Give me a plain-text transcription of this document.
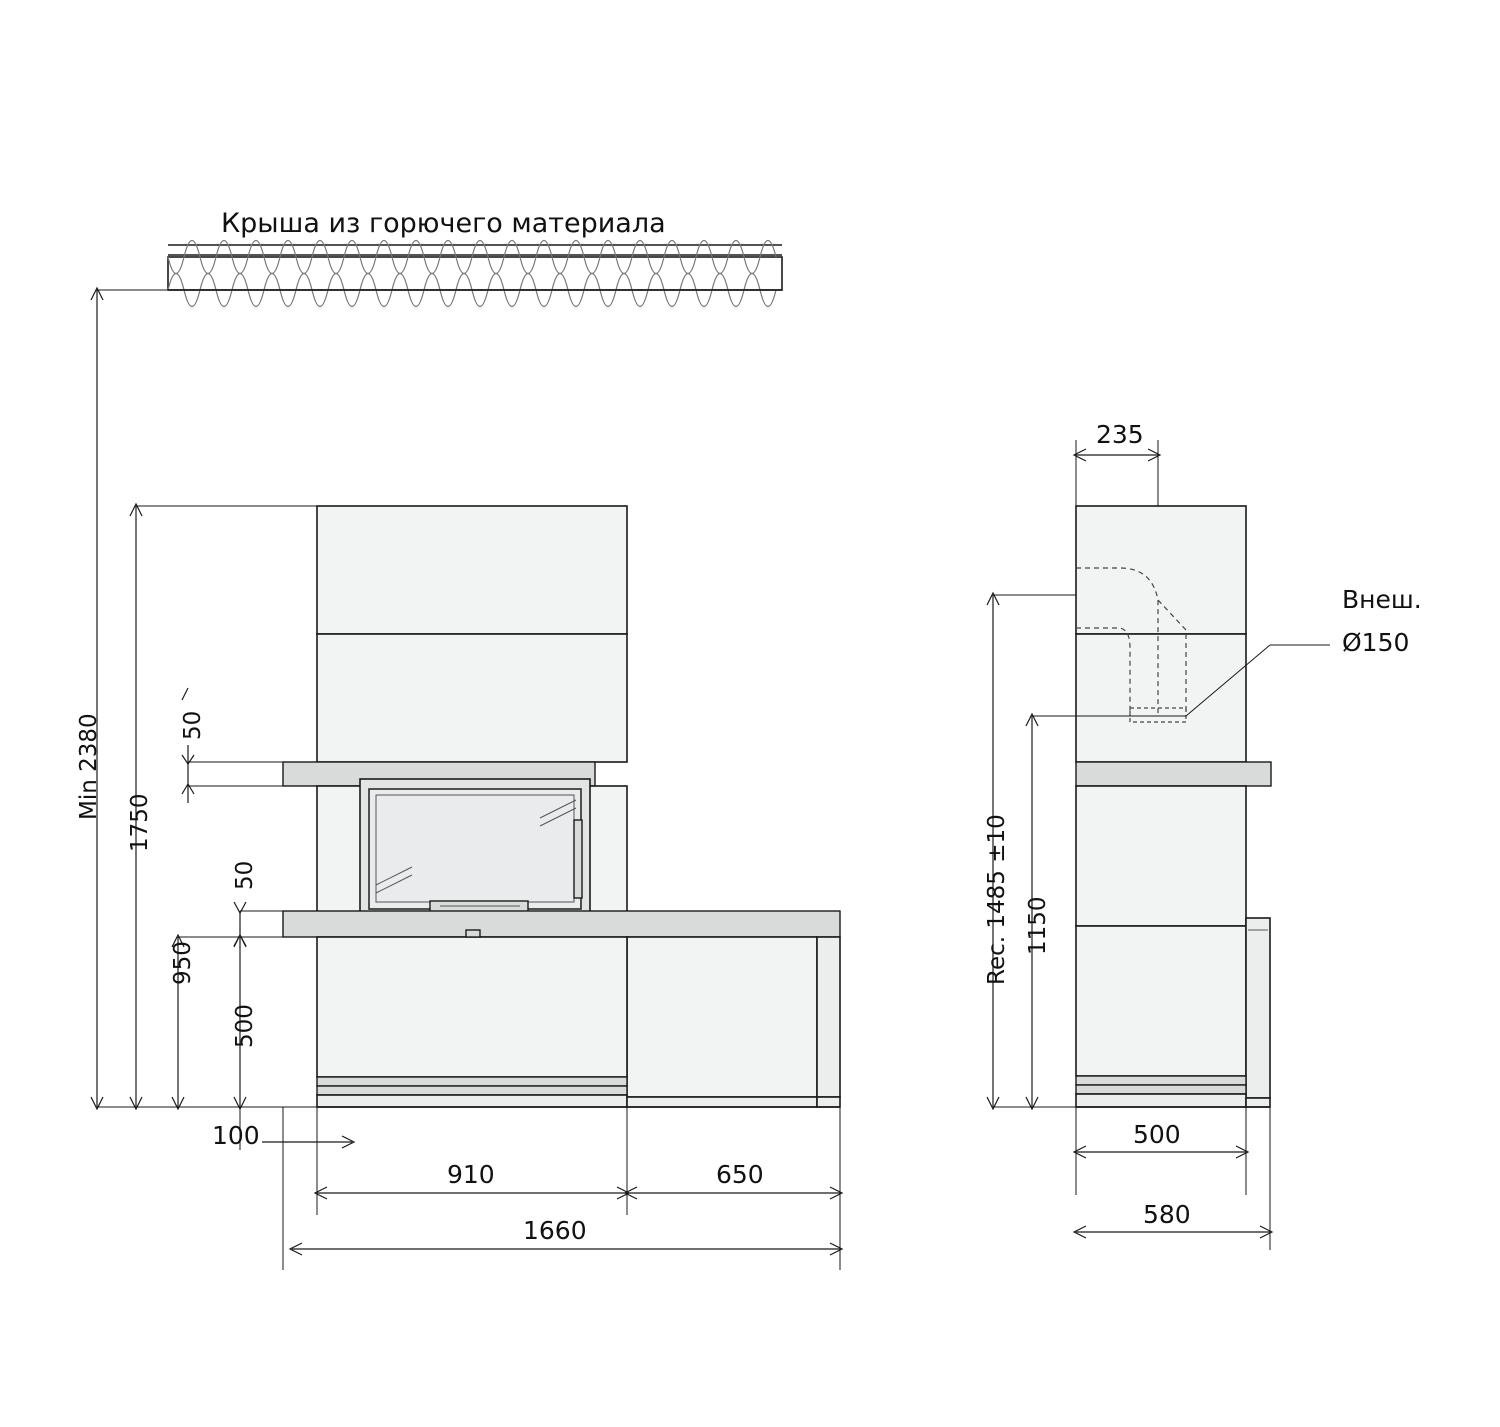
Крыша из горючего материала
Min 2380
1750
50
50
950
500
100
910	650
1660
235
Rec. 1485 ±10 1150
500
580
Внеш.
Ø150
